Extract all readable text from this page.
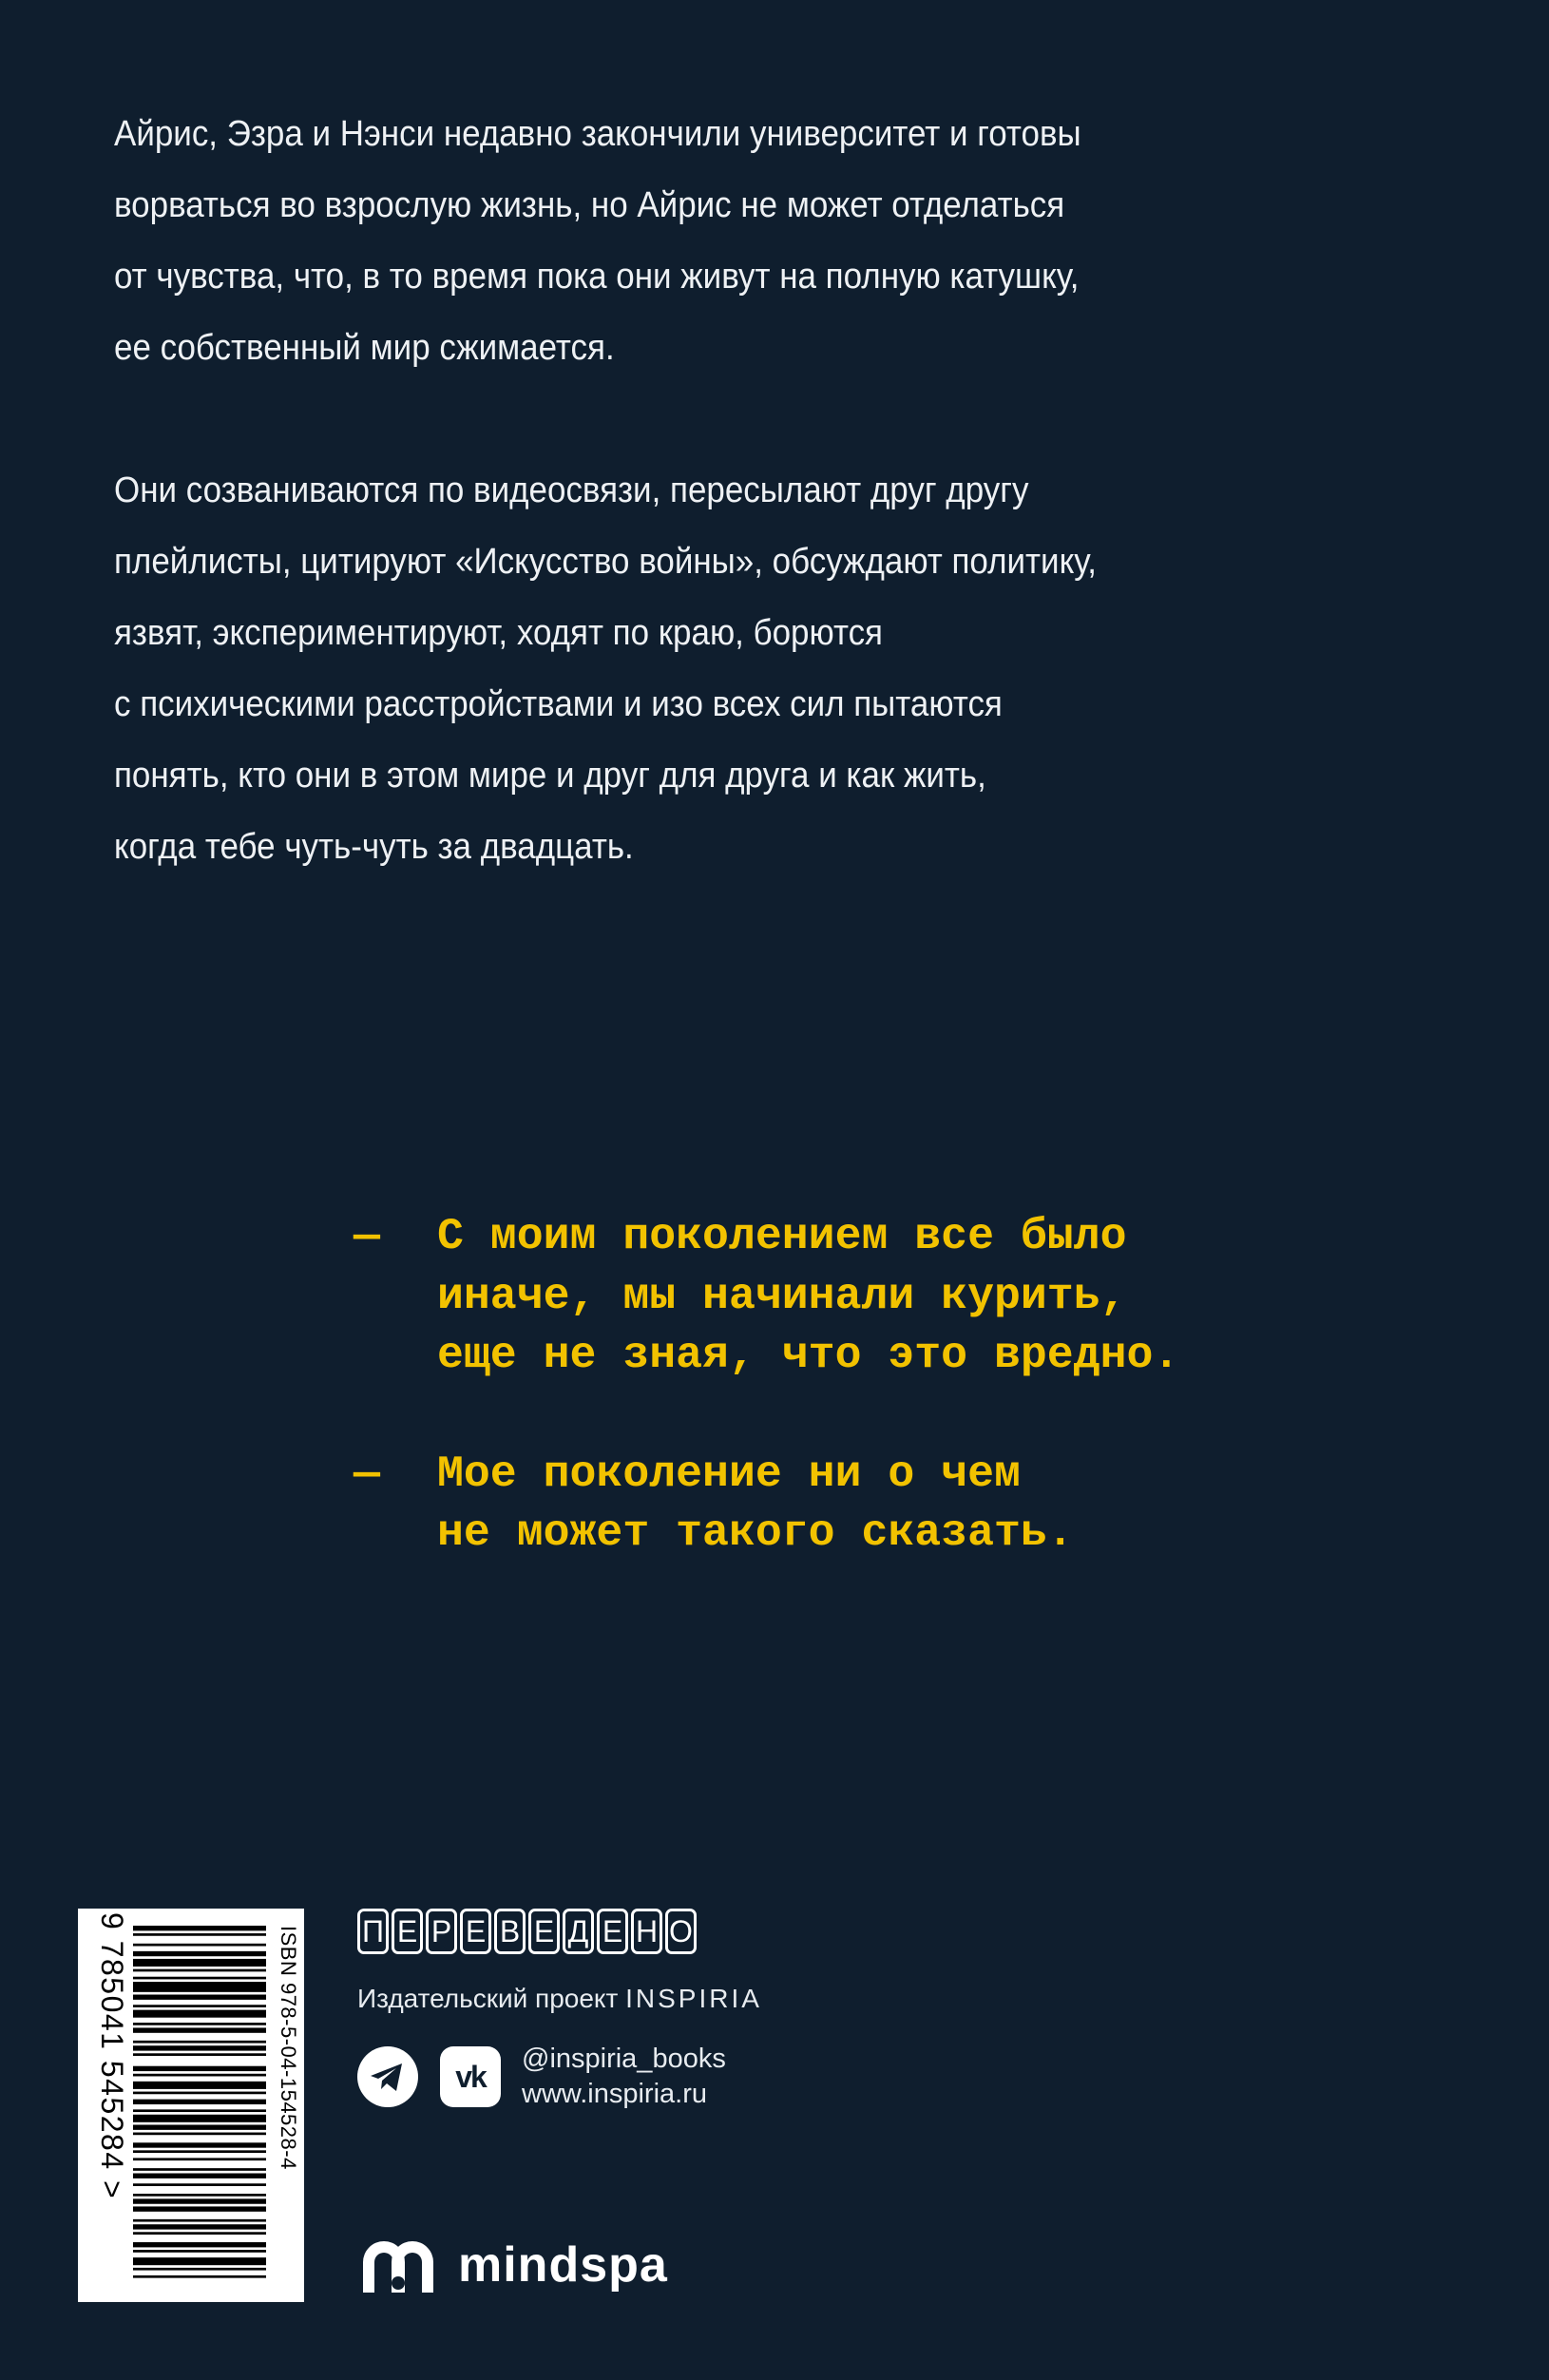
Айрис, Эзра и Нэнси недавно закончили университет и готовы
ворваться во взрослую жизнь, но Айрис не может отделаться
от чувства, что, в то время пока они живут на полную катушку,
ее собственный мир сжимается.

Они созваниваются по видеосвязи, пересылают друг другу
плейлисты, цитируют «Искусство войны», обсуждают политику,
язвят, экспериментируют, ходят по краю, борются
с психическими расстройствами и изо всех сил пытаются
понять, кто они в этом мире и друг для друга и как жить,
когда тебе чуть-чуть за двадцать.

— С моим поколением все было
иначе, мы начинали курить,
еще не зная, что это вредно.
— Мое поколение ни о чем
не может такого сказать.
ISBN 978-5-04-154528-4
9 785041 545284 >	П Е Р Е В Е Д Е Н О
Издательский проект INSPIRIA
vk
@inspiria_books
www.inspiria.ru
mindspa
